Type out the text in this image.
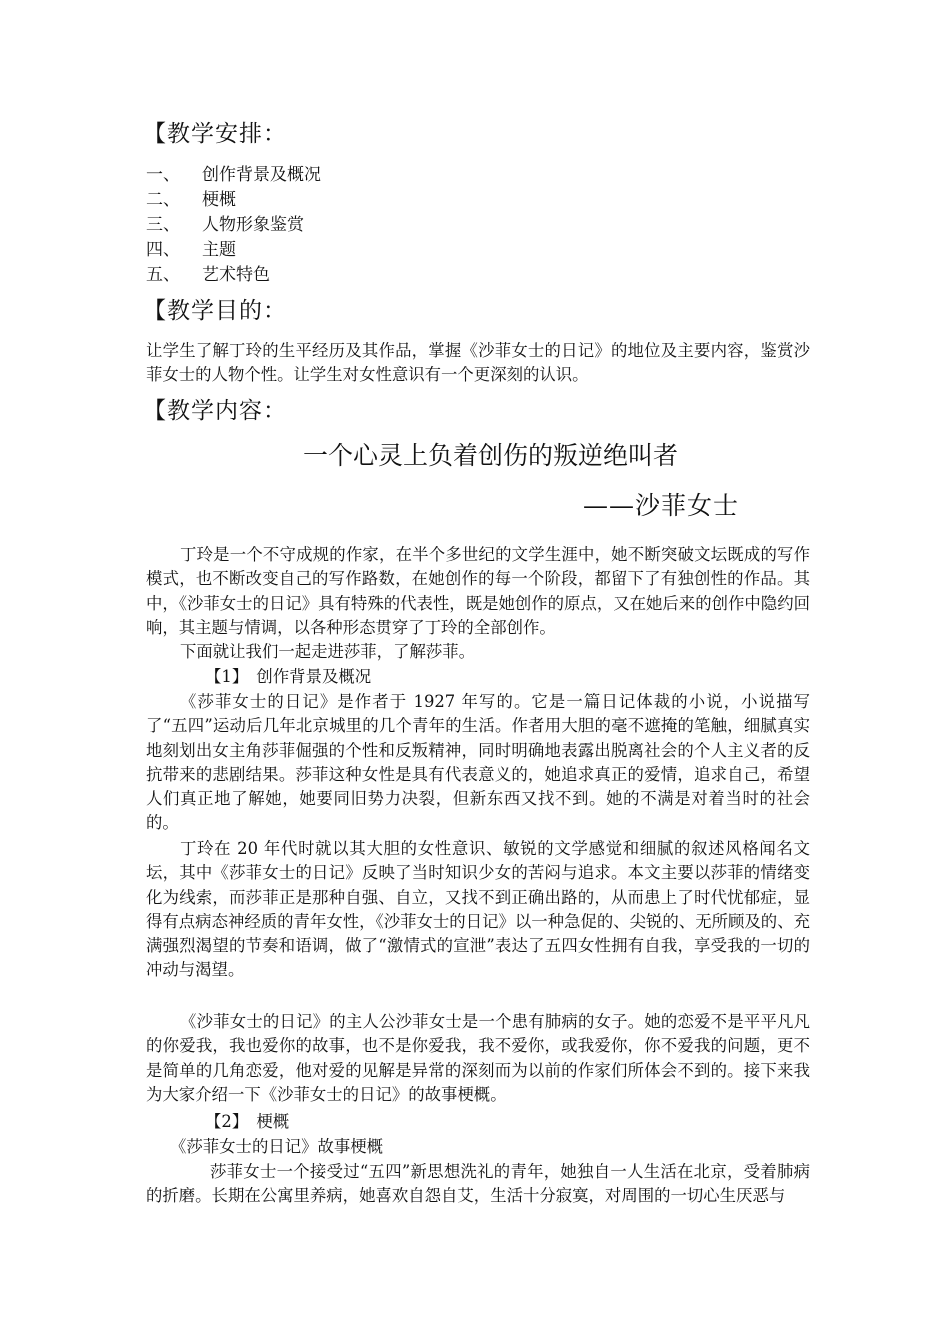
【教学安排：
一、 创作背景及概况
二、 梗概
三、 人物形象鉴赏
四、 主题
五、 艺术特色
【教学目的：
让学生了解丁玲的生平经历及其作品，掌握《沙菲女士的日记》的地位及主要内容，鉴赏沙菲女士的人物个性。让学生对女性意识有一个更深刻的认识。
【教学内容：
一个心灵上负着创伤的叛逆绝叫者
——沙菲女士
丁玲是一个不守成规的作家，在半个多世纪的文学生涯中，她不断突破文坛既成的写作模式，也不断改变自己的写作路数，在她创作的每一个阶段，都留下了有独创性的作品。其中，《沙菲女士的日记》具有特殊的代表性，既是她创作的原点，又在她后来的创作中隐约回响，其主题与情调，以各种形态贯穿了丁玲的全部创作。
下面就让我们一起走进莎菲，了解莎菲。
【1】　创作背景及概况
《莎菲女士的日记》是作者于 1927 年写的。它是一篇日记体裁的小说，小说描写了“五四”运动后几年北京城里的几个青年的生活。作者用大胆的毫不遮掩的笔触，细腻真实地刻划出女主角莎菲倔强的个性和反叛精神，同时明确地表露出脱离社会的个人主义者的反抗带来的悲剧结果。莎菲这种女性是具有代表意义的，她追求真正的爱情，追求自己，希望人们真正地了解她，她要同旧势力决裂，但新东西又找不到。她的不满是对着当时的社会的。
丁玲在 20 年代时就以其大胆的女性意识、敏锐的文学感觉和细腻的叙述风格闻名文坛，其中《莎菲女士的日记》反映了当时知识少女的苦闷与追求。本文主要以莎菲的情绪变化为线索，而莎菲正是那种自强、自立，又找不到正确出路的，从而患上了时代忧郁症，显得有点病态神经质的青年女性，《沙菲女士的日记》以一种急促的、尖锐的、无所顾及的、充满强烈渴望的节奏和语调，做了“激情式的宣泄”表达了五四女性拥有自我，享受我的一切的冲动与渴望。
《沙菲女士的日记》的主人公沙菲女士是一个患有肺病的女子。她的恋爱不是平平凡凡的你爱我，我也爱你的故事，也不是你爱我，我不爱你，或我爱你，你不爱我的问题，更不是简单的几角恋爱，他对爱的见解是异常的深刻而为以前的作家们所体会不到的。接下来我为大家介绍一下《沙菲女士的日记》的故事梗概。
【2】　梗概
《莎菲女士的日记》故事梗概
莎菲女士一个接受过“五四”新思想洗礼的青年，她独自一人生活在北京，受着肺病的折磨。长期在公寓里养病，她喜欢自怨自艾，生活十分寂寞，对周围的一切心生厌恶与
